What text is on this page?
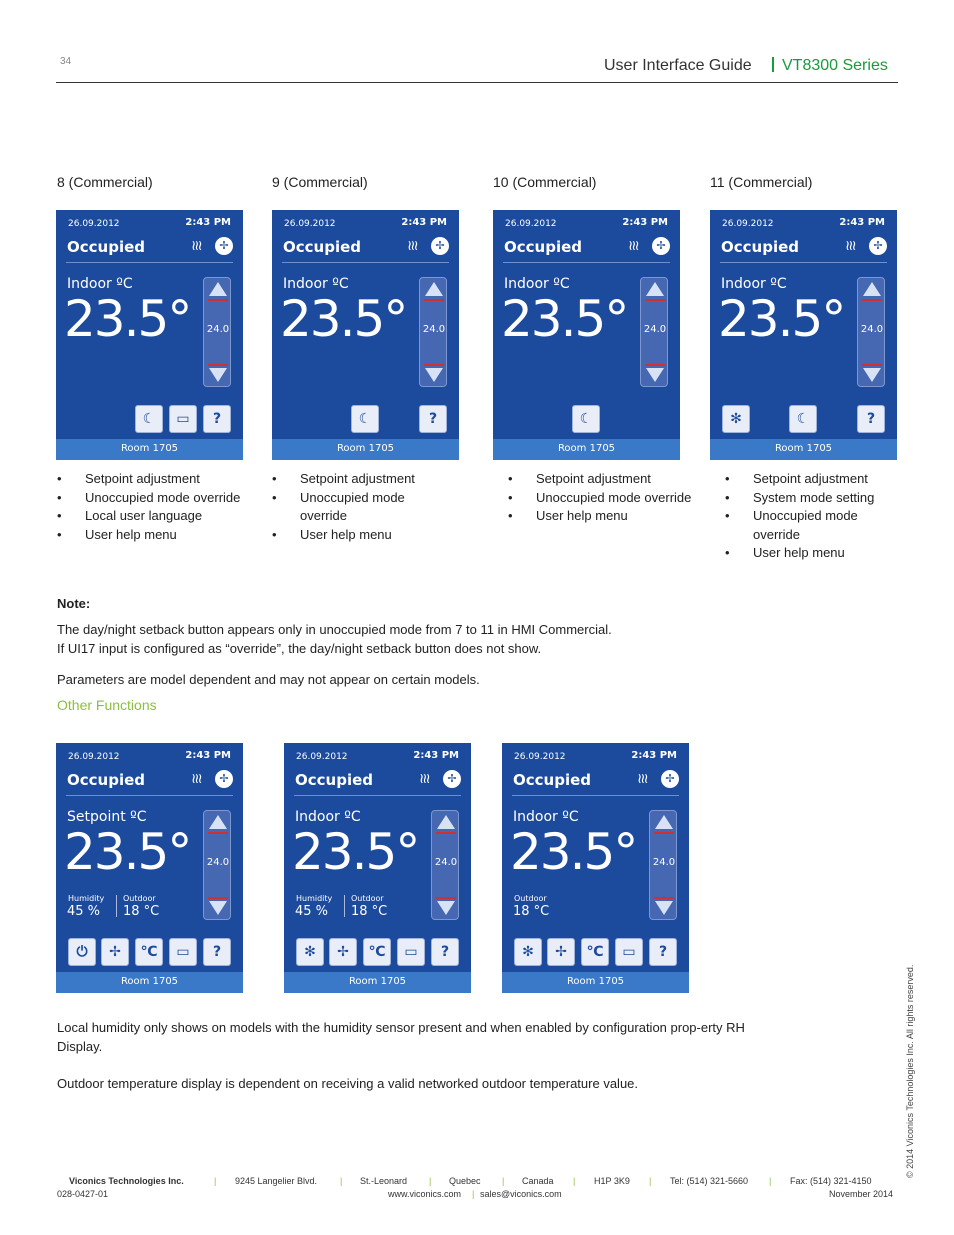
34	User Interface Guide	VT8300 Series
8 (Commercial)	9 (Commercial)	10 (Commercial)	11 (Commercial)
26.09.2012	2:43 PM
Occupied	≀≀≀	✢
Indoor ºC
23.5° 24.0
☾	▭	?
Room 1705
26.09.2012	2:43 PM
Occupied	≀≀≀	✢
Indoor ºC
23.5° 24.0
☾	?
Room 1705
26.09.2012	2:43 PM
Occupied	≀≀≀	✢
Indoor ºC
23.5° 24.0
☾
Room 1705
26.09.2012	2:43 PM
Occupied	≀≀≀	✢
Indoor ºC
23.5° 24.0
✻	☾	?
Room 1705
• Setpoint adjustment
• Unoccupied mode override
• Local user language
• User help menu
• Setpoint adjustment
• Unoccupied mode override
• User help menu
• Setpoint adjustment
• Unoccupied mode override
• User help menu
• Setpoint adjustment
• System mode setting
• Unoccupied mode override
• User help menu
Note:
The day/night setback button appears only in unoccupied mode from 7 to 11 in HMI Commercial.
If UI17 input is configured as “override”, the day/night setback button does not show.
Parameters are model dependent and may not appear on certain models.
Other Functions
26.09.2012	2:43 PM
Occupied	≀≀≀	✢
Setpoint ºC
23.5° 24.0
Humidity
45 %
Outdoor
18 °C
⏻	✢	℃	▭	?
Room 1705
26.09.2012	2:43 PM
Occupied	≀≀≀	✢
Indoor ºC
23.5° 24.0
Humidity
45 %
Outdoor
18 °C
✻	✢	℃	▭	?
Room 1705
26.09.2012	2:43 PM
Occupied	≀≀≀	✢
Indoor ºC
23.5° 24.0
Outdoor
18 °C
✻	✢	℃	▭	?
Room 1705
Local humidity only shows on models with the humidity sensor present and when enabled by configuration prop-erty RH Display.
Outdoor temperature display is dependent on receiving a valid networked outdoor temperature value.
Viconics Technologies Inc.	| 9245 Langelier Blvd.	| St.-Leonard | Quebec | Canada | H1P 3K9 | Tel: (514) 321-5660 | Fax: (514) 321-4150
028-0427-01	www.viconics.com | sales@viconics.com	November 2014
© 2014 Viconics Technologies Inc. All rights reserved.
